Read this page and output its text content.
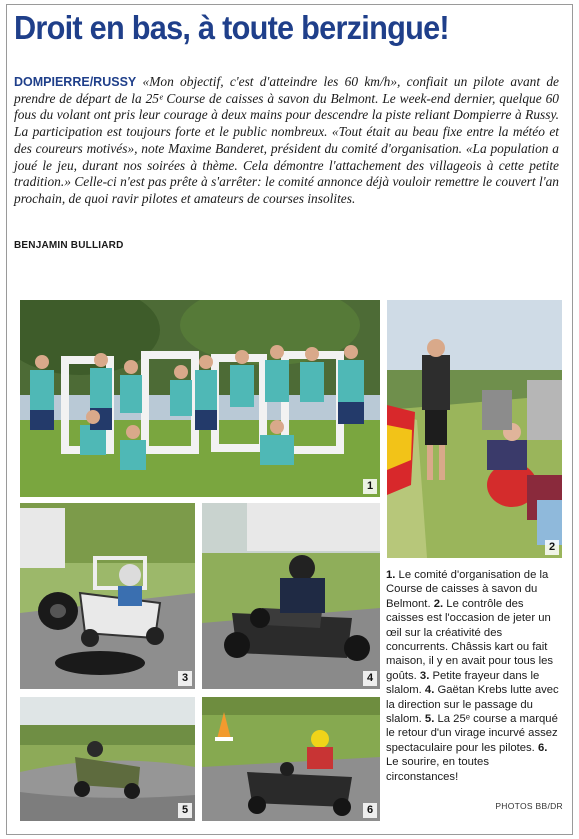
Droit en bas, à toute berzingue!

DOMPIERRE/RUSSY «Mon objectif, c'est d'atteindre les 60 km/h», confiait un pilote avant de prendre de départ de la 25ᵉ Course de caisses à savon du Belmont. Le week-end dernier, quelque 60 fous du volant ont pris leur courage à deux mains pour descendre la piste reliant Dompierre à Russy. La participation est toujours forte et le public nombreux. «Tout était au beau fixe entre la météo et des coureurs motivés», note Maxime Banderet, président du comité d'organisation. «La population a joué le jeu, durant nos soirées à thème. Cela démontre l'attachement des villageois à cette petite tradition.» Celle-ci n'est pas prête à s'arrêter: le comité annonce déjà vouloir remettre le couvert l'an prochain, de quoi ravir pilotes et amateurs de courses insolites.

BENJAMIN BULLIARD
1
2
3	4
5	6
1. Le comité d'organisation de la Course de caisses à savon du Belmont. 2. Le contrôle des caisses est l'occasion de jeter un œil sur la créativité des concurrents. Châssis kart ou fait maison, il y en avait pour tous les goûts. 3. Petite frayeur dans le slalom. 4. Gaëtan Krebs lutte avec la direction sur le passage du slalom. 5. La 25ᵉ course a marqué le retour d'un virage incurvé assez spectaculaire pour les pilotes. 6. Le sourire, en toutes circonstances!
PHOTOS BB/DR
